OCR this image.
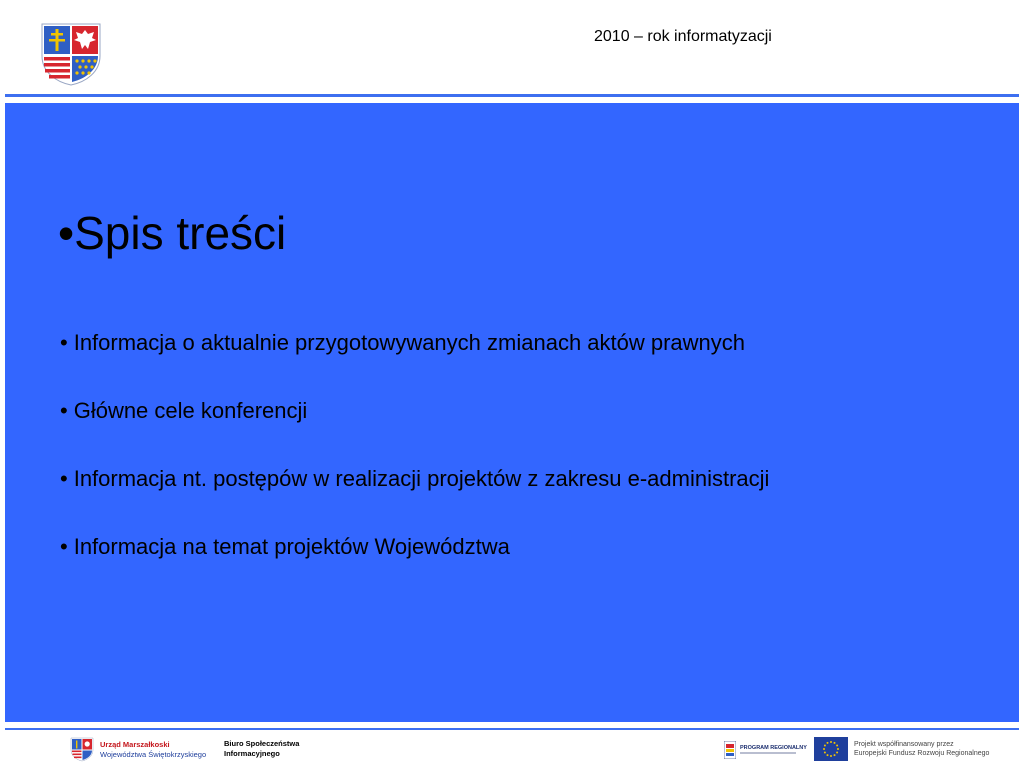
2010 – rok informatyzacji
•Spis treści
• Informacja o aktualnie przygotowywanych zmianach aktów prawnych
• Główne cele konferencji
• Informacja nt. postępów w realizacji projektów z zakresu e-administracji
• Informacja na temat projektów Województwa
Urząd Marszałkoski
Województwa Świętokrzyskiego
Biuro Społeczeństwa
Informacyjnego
PROGRAM REGIONALNY	Projekt współfinansowany przez
Europejski Fundusz Rozwoju Regionalnego
